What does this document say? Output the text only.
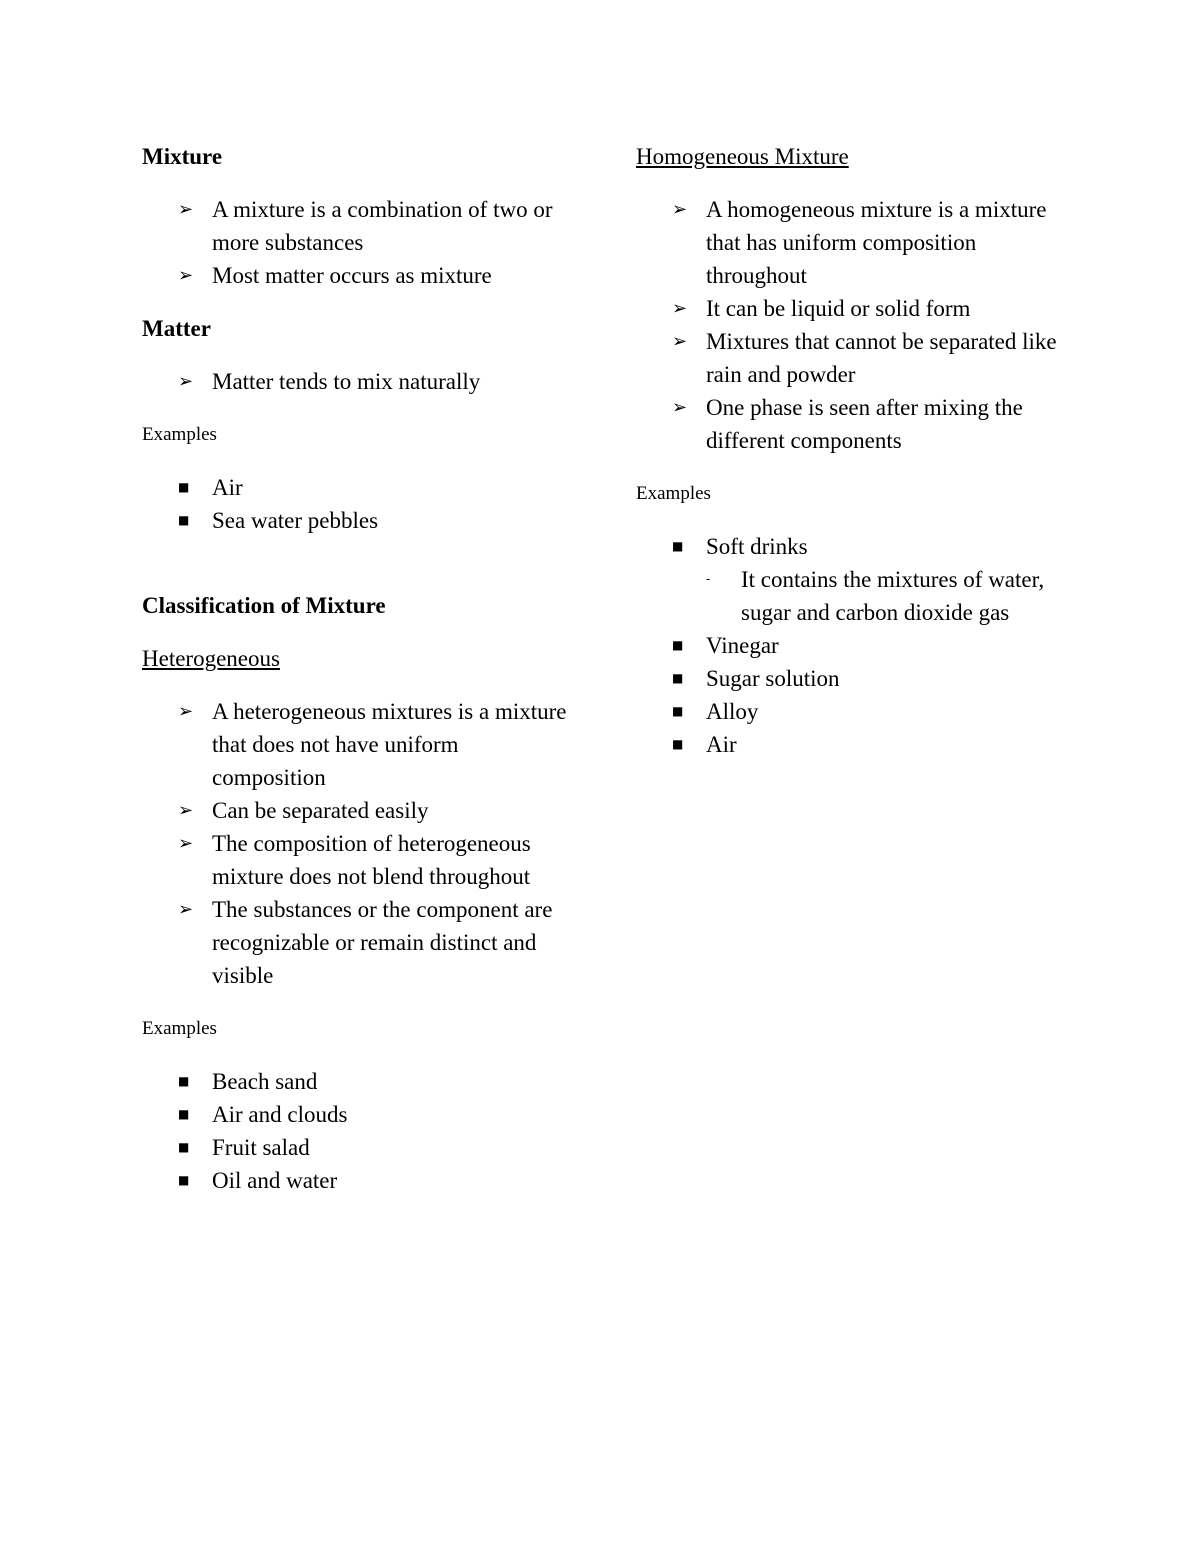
Mixture

➢ A mixture is a combination of two or more substances
➢ Most matter occurs as mixture

Matter

➢ Matter tends to mix naturally

Examples

■ Air
■ Sea water pebbles

Classification of Mixture

Heterogeneous

➢ A heterogeneous mixtures is a mixture that does not have uniform composition
➢ Can be separated easily
➢ The composition of heterogeneous mixture does not blend throughout
➢ The substances or the component are recognizable or remain distinct and visible

Examples

■ Beach sand
■ Air and clouds
■ Fruit salad
■ Oil and water

Homogeneous Mixture

➢ A homogeneous mixture is a mixture that has uniform composition throughout
➢ It can be liquid or solid form
➢ Mixtures that cannot be separated like rain and powder
➢ One phase is seen after mixing the different components

Examples

■ Soft drinks
-	It contains the mixtures of water, sugar and carbon dioxide gas
■ Vinegar
■ Sugar solution
■ Alloy
■ Air
